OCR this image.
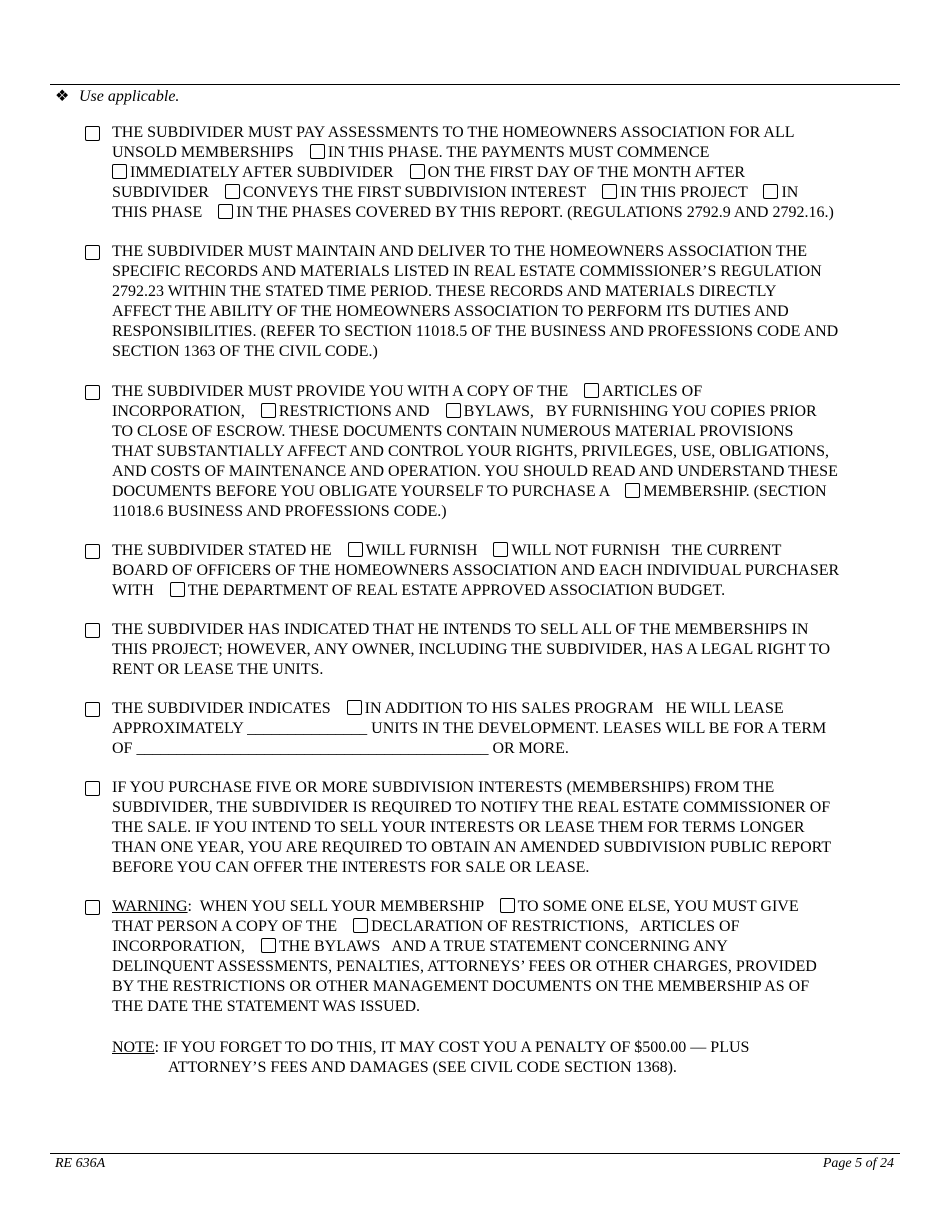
❖ Use applicable.
THE SUBDIVIDER MUST PAY ASSESSMENTS TO THE HOMEOWNERS ASSOCIATION FOR ALL
UNSOLD MEMBERSHIPS  IN THIS PHASE. THE PAYMENTS MUST COMMENCE
IMMEDIATELY AFTER SUBDIVIDER  ON THE FIRST DAY OF THE MONTH AFTER
SUBDIVIDER  CONVEYS THE FIRST SUBDIVISION INTEREST  IN THIS PROJECT  IN
THIS PHASE  IN THE PHASES COVERED BY THIS REPORT. (REGULATIONS 2792.9 AND 2792.16.)
THE SUBDIVIDER MUST MAINTAIN AND DELIVER TO THE HOMEOWNERS ASSOCIATION THE
SPECIFIC RECORDS AND MATERIALS LISTED IN REAL ESTATE COMMISSIONER’S REGULATION
2792.23 WITHIN THE STATED TIME PERIOD. THESE RECORDS AND MATERIALS DIRECTLY
AFFECT THE ABILITY OF THE HOMEOWNERS ASSOCIATION TO PERFORM ITS DUTIES AND
RESPONSIBILITIES. (REFER TO SECTION 11018.5 OF THE BUSINESS AND PROFESSIONS CODE AND
SECTION 1363 OF THE CIVIL CODE.)
THE SUBDIVIDER MUST PROVIDE YOU WITH A COPY OF THE  ARTICLES OF
INCORPORATION,  RESTRICTIONS AND  BYLAWS,   BY FURNISHING YOU COPIES PRIOR
TO CLOSE OF ESCROW. THESE DOCUMENTS CONTAIN NUMEROUS MATERIAL PROVISIONS
THAT SUBSTANTIALLY AFFECT AND CONTROL YOUR RIGHTS, PRIVILEGES, USE, OBLIGATIONS,
AND COSTS OF MAINTENANCE AND OPERATION. YOU SHOULD READ AND UNDERSTAND THESE
DOCUMENTS BEFORE YOU OBLIGATE YOURSELF TO PURCHASE A  MEMBERSHIP. (SECTION
11018.6 BUSINESS AND PROFESSIONS CODE.)
THE SUBDIVIDER STATED HE  WILL FURNISH  WILL NOT FURNISH   THE CURRENT
BOARD OF OFFICERS OF THE HOMEOWNERS ASSOCIATION AND EACH INDIVIDUAL PURCHASER
WITH  THE DEPARTMENT OF REAL ESTATE APPROVED ASSOCIATION BUDGET.
THE SUBDIVIDER HAS INDICATED THAT HE INTENDS TO SELL ALL OF THE MEMBERSHIPS IN
THIS PROJECT; HOWEVER, ANY OWNER, INCLUDING THE SUBDIVIDER, HAS A LEGAL RIGHT TO
RENT OR LEASE THE UNITS.
THE SUBDIVIDER INDICATES  IN ADDITION TO HIS SALES PROGRAM   HE WILL LEASE
APPROXIMATELY _______________ UNITS IN THE DEVELOPMENT. LEASES WILL BE FOR A TERM
OF ____________________________________________ OR MORE.
IF YOU PURCHASE FIVE OR MORE SUBDIVISION INTERESTS (MEMBERSHIPS) FROM THE
SUBDIVIDER, THE SUBDIVIDER IS REQUIRED TO NOTIFY THE REAL ESTATE COMMISSIONER OF
THE SALE. IF YOU INTEND TO SELL YOUR INTERESTS OR LEASE THEM FOR TERMS LONGER
THAN ONE YEAR, YOU ARE REQUIRED TO OBTAIN AN AMENDED SUBDIVISION PUBLIC REPORT
BEFORE YOU CAN OFFER THE INTERESTS FOR SALE OR LEASE.
WARNING:  WHEN YOU SELL YOUR MEMBERSHIP  TO SOME ONE ELSE, YOU MUST GIVE
THAT PERSON A COPY OF THE  DECLARATION OF RESTRICTIONS,   ARTICLES OF
INCORPORATION,  THE BYLAWS   AND A TRUE STATEMENT CONCERNING ANY
DELINQUENT ASSESSMENTS, PENALTIES, ATTORNEYS’ FEES OR OTHER CHARGES, PROVIDED
BY THE RESTRICTIONS OR OTHER MANAGEMENT DOCUMENTS ON THE MEMBERSHIP AS OF
THE DATE THE STATEMENT WAS ISSUED.
NOTE: IF YOU FORGET TO DO THIS, IT MAY COST YOU A PENALTY OF $500.00 — PLUS
ATTORNEY’S FEES AND DAMAGES (SEE CIVIL CODE SECTION 1368).
RE 636A	Page 5 of 24
